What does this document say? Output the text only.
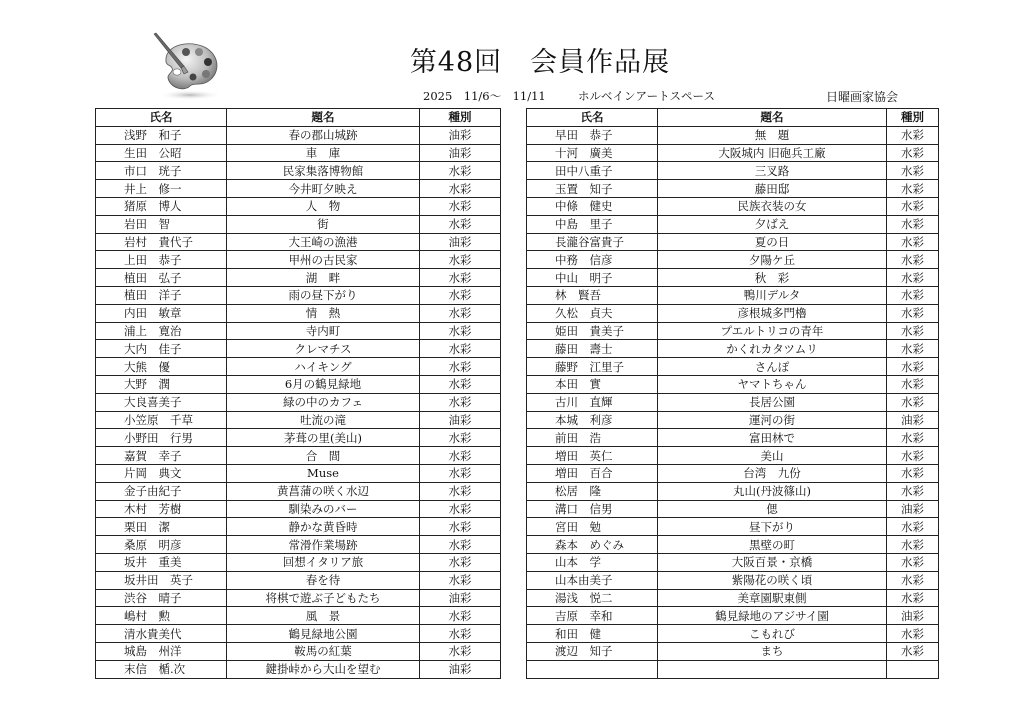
第48回　会員作品展
2025　11/6～　11/11	ホルベインアートスペース	日曜画家協会
氏名	題名	種別
浅野　和子	春の郡山城跡	油彩
生田　公昭	車　庫	油彩
市口　珖子	民家集落博物館	水彩
井上　修一	今井町夕映え	水彩
猪原　博人	人　物	水彩
岩田　智	街	水彩
岩村　貴代子	大王崎の漁港	油彩
上田　恭子	甲州の古民家	水彩
植田　弘子	湖　畔	水彩
植田　洋子	雨の昼下がり	水彩
内田　敏章	情　熱	水彩
浦上　寛治	寺内町	水彩
大内　佳子	クレマチス	水彩
大熊　優	ハイキング	水彩
大野　潤	6月の鶴見緑地	水彩
大良喜美子	緑の中のカフェ	水彩
小笠原　千草	吐流の滝	油彩
小野田　行男	茅葺の里(美山)	水彩
嘉賀　幸子	合　間	水彩
片岡　典文	Muse	水彩
金子由紀子	黄菖蒲の咲く水辺	水彩
木村　芳樹	馴染みのバー	水彩
栗田　潔	静かな黄昏時	水彩
桑原　明彦	常滑作業場跡	水彩
坂井　重美	回想イタリア旅	水彩
坂井田　英子	春を待	水彩
渋谷　晴子	将棋で遊ぶ子どもたち	油彩
嶋村　勲	風　景	水彩
清水貴美代	鶴見緑地公園	水彩
城島　州洋	鞍馬の紅葉	水彩
末信　楯.次	鍵掛峠から大山を望む	油彩
氏名	題名	種別
早田　恭子	無　題	水彩
十河　廣美	大阪城内 旧砲兵工廠	水彩
田中八重子	三叉路	水彩
玉置　知子	藤田邸	水彩
中條　健史	民族衣装の女	水彩
中島　里子	夕ばえ	水彩
長瀧谷富貴子	夏の日	水彩
中務　信彦	夕陽ケ丘	水彩
中山　明子	秋　彩	水彩
林　賢吾	鴨川デルタ	水彩
久松　貞夫	彦根城多門櫓	水彩
姫田　貴美子	プエルトリコの青年	水彩
藤田　壽士	かくれカタツムリ	水彩
藤野　江里子	さんぽ	水彩
本田　實	ヤマトちゃん	水彩
古川　直輝	長居公園	水彩
本城　利彦	運河の街	油彩
前田　浩	富田林で	水彩
増田　英仁	美山	水彩
増田　百合	台湾　九份	水彩
松居　隆	丸山(丹波篠山)	水彩
溝口　信男	偲	油彩
宮田　勉	昼下がり	水彩
森本　めぐみ	黒壁の町	水彩
山本　学	大阪百景・京橋	水彩
山本由美子	紫陽花の咲く頃	水彩
湯浅　悦二	美章園駅東側	水彩
吉原　幸和	鶴見緑地のアジサイ園	油彩
和田　健	こもれび	水彩
渡辺　知子	まち	水彩
